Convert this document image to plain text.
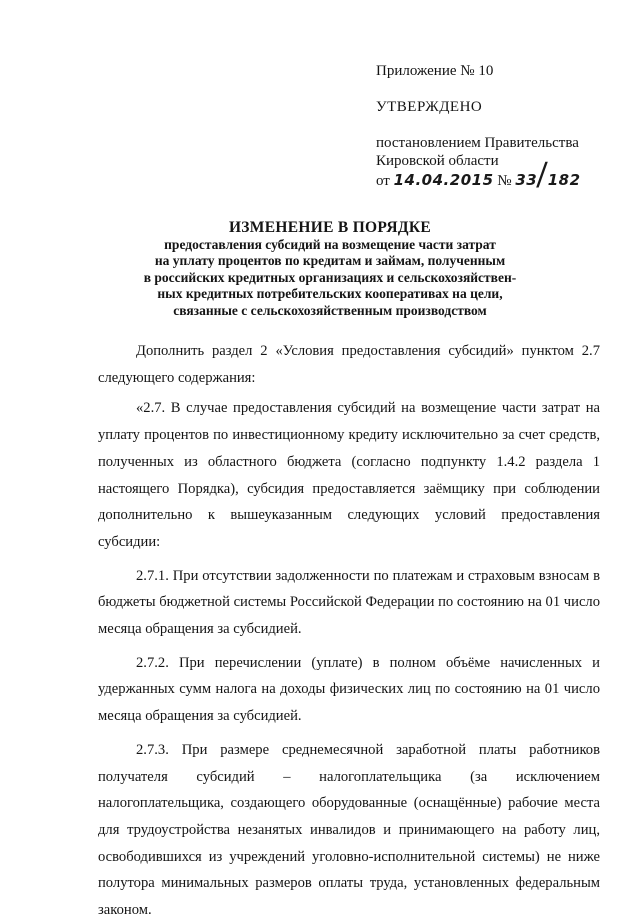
Приложение № 10
УТВЕРЖДЕНО
постановлением Правительства
Кировской области
от 14.04.2015 № 33/182
ИЗМЕНЕНИЕ В ПОРЯДКЕ
предоставления субсидий на возмещение части затрат
на уплату процентов по кредитам и займам, полученным
в российских кредитных организациях и сельскохозяйствен-
ных кредитных потребительских кооперативах на цели,
связанные с сельскохозяйственным производством

Дополнить раздел 2 «Условия предоставления субсидий» пунктом 2.7 следующего содержания:

«2.7. В случае предоставления субсидий на возмещение части затрат на уплату процентов по инвестиционному кредиту исключительно за счет средств, полученных из областного бюджета (согласно подпункту 1.4.2 раздела 1 настоящего Порядка), субсидия предоставляется заёмщику при соблюдении дополнительно к вышеуказанным следующих условий предоставления субсидии:

2.7.1. При отсутствии задолженности по платежам и страховым взносам в бюджеты бюджетной системы Российской Федерации по состоянию на 01 число месяца обращения за субсидией.

2.7.2. При перечислении (уплате) в полном объёме начисленных и удержанных сумм налога на доходы физических лиц по состоянию на 01 число месяца обращения за субсидией.

2.7.3. При размере среднемесячной заработной платы работников получателя субсидий – налогоплательщика (за исключением налогоплательщика, создающего оборудованные (оснащённые) рабочие места для трудоустройства незанятых инвалидов и принимающего на работу лиц, освободившихся из учреждений уголовно-исполнительной системы) не ниже полутора минимальных размеров оплаты труда, установленных федеральным законом.
